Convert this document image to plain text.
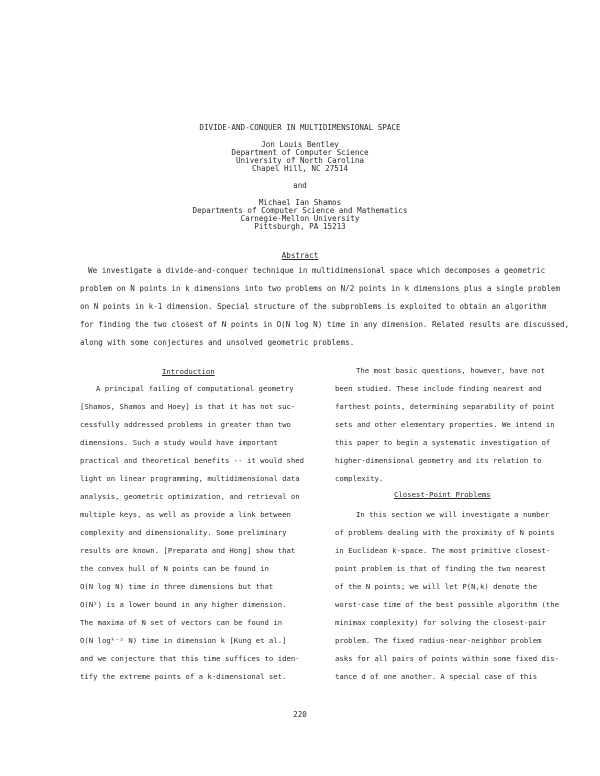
DIVIDE-AND-CONQUER IN MULTIDIMENSIONAL SPACE
Jon Louis Bentley
Department of Computer Science
University of North Carolina
Chapel Hill, NC 27514
and
Michael Ian Shamos
Departments of Computer Science and Mathematics
Carnegie-Mellon University
Pittsburgh, PA 15213
Abstract
We investigate a divide-and-conquer technique in multidimensional space which decomposes a geometric
problem on N points in k dimensions into two problems on N/2 points in k dimensions plus a single problem
on N points in k-1 dimension. Special structure of the subproblems is exploited to obtain an algorithm
for finding the two closest of N points in O(N log N) time in any dimension. Related results are discussed,
along with some conjectures and unsolved geometric problems.
Introduction
A principal failing of computational geometry
[Shamos, Shamos and Hoey] is that it has not suc-
cessfully addressed problems in greater than two
dimensions. Such a study would have important
practical and theoretical benefits -- it would shed
light on linear programming, multidimensional data
analysis, geometric optimization, and retrieval on
multiple keys, as well as provide a link between
complexity and dimensionality. Some preliminary
results are known. [Preparata and Hong] show that
the convex hull of N points can be found in
O(N log N) time in three dimensions but that
O(N²) is a lower bound in any higher dimension.
The maxima of N set of vectors can be found in
O(N logᵏ⁻² N) time in dimension k [Kung et al.]
and we conjecture that this time suffices to iden-
tify the extreme points of a k-dimensional set.
The most basic questions, however, have not
been studied. These include finding nearest and
farthest points, determining separability of point
sets and other elementary properties. We intend in
this paper to begin a systematic investigation of
higher-dimensional geometry and its relation to
complexity.
Closest-Point Problems
In this section we will investigate a number
of problems dealing with the proximity of N points
in Euclidean k-space. The most primitive closest-
point problem is that of finding the two nearest
of the N points; we will let P(N,k) denote the
worst-case time of the best possible algorithm (the
minimax complexity) for solving the closest-pair
problem. The fixed radius-near-neighbor problem
asks for all pairs of points within some fixed dis-
tance d of one another. A special case of this
220
